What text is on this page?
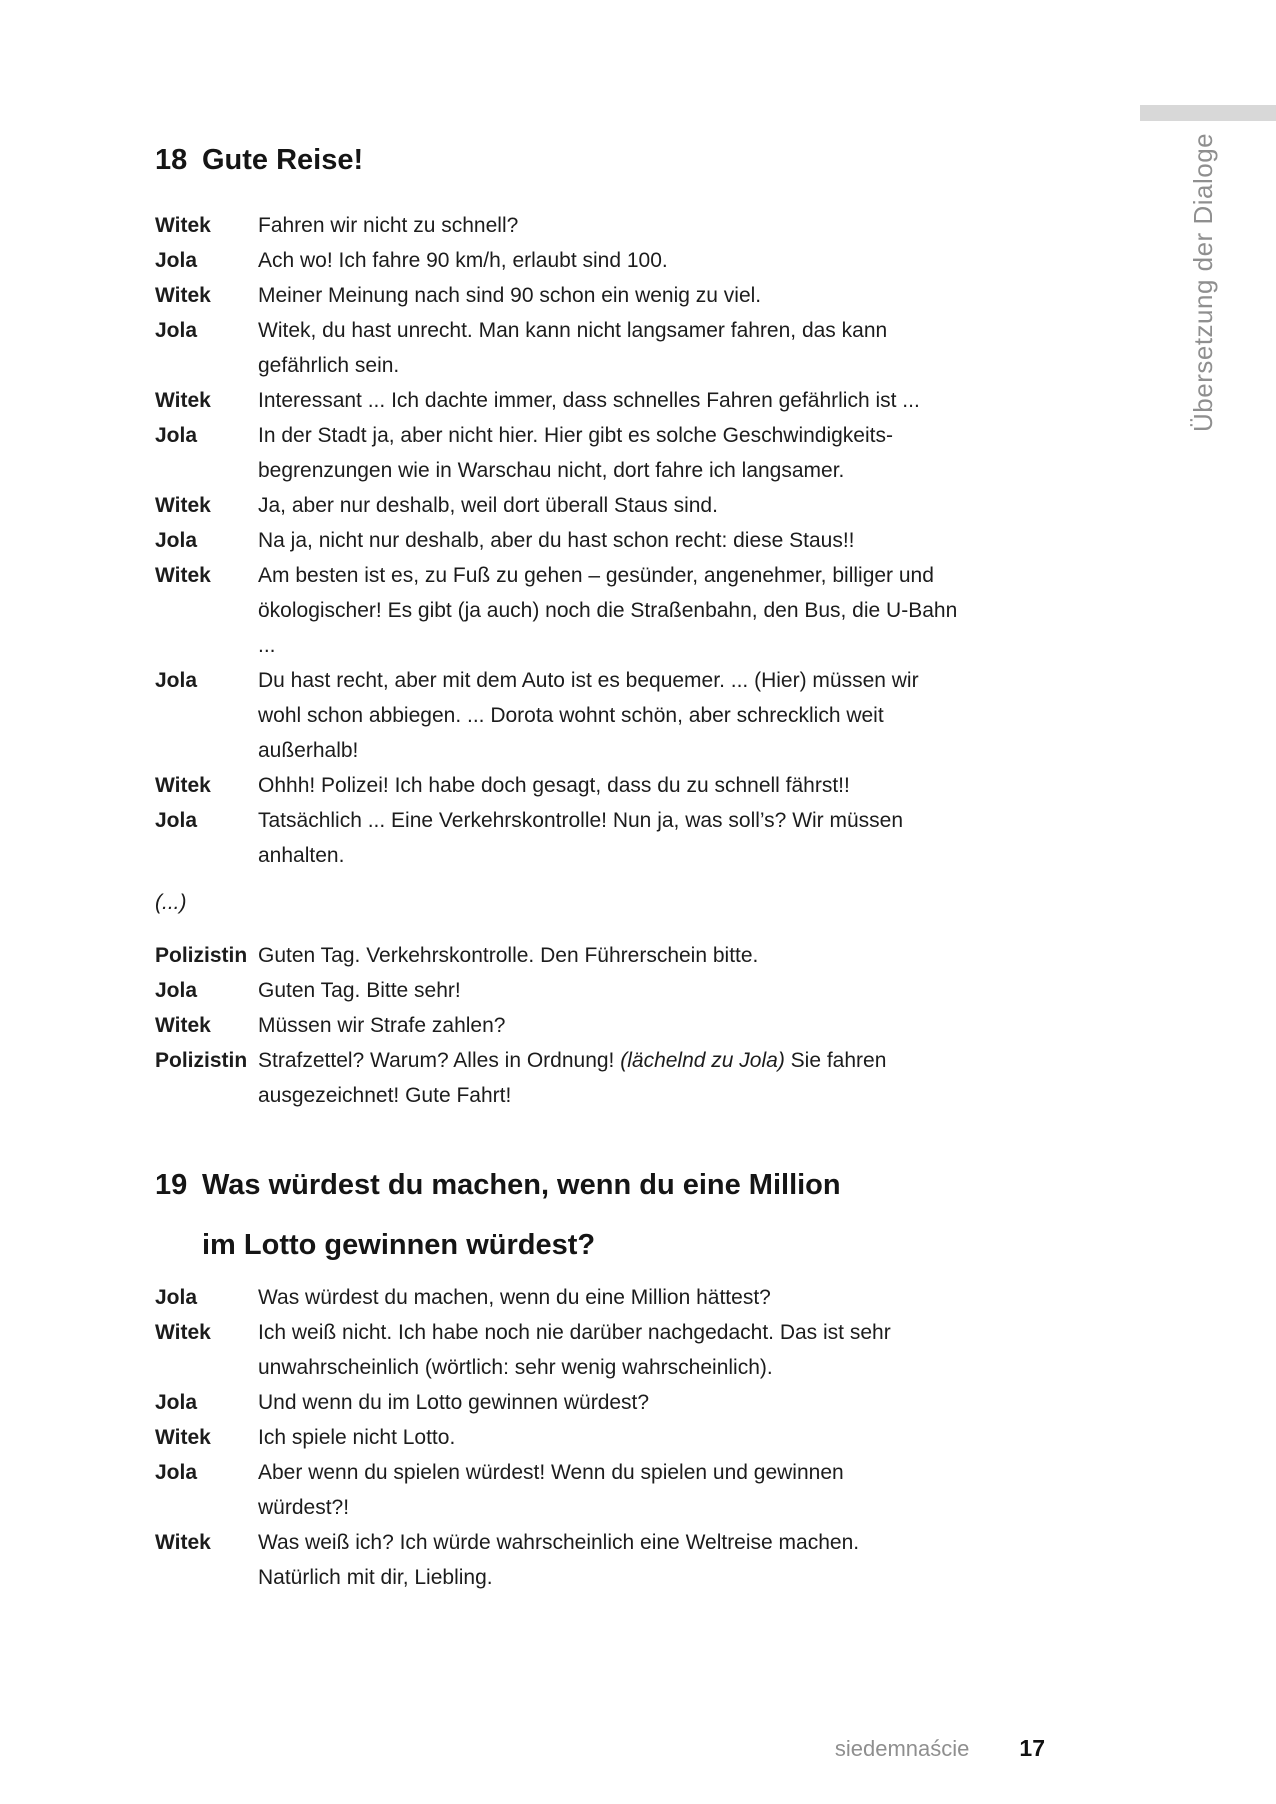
Übersetzung der Dialoge
18 Gute Reise!
Witek	Fahren wir nicht zu schnell?
Jola	Ach wo! Ich fahre 90 km/h, erlaubt sind 100.
Witek	Meiner Meinung nach sind 90 schon ein wenig zu viel.
Jola	Witek, du hast unrecht. Man kann nicht langsamer fahren, das kann
gefährlich sein.
Witek	Interessant ... Ich dachte immer, dass schnelles Fahren gefährlich ist ...
Jola	In der Stadt ja, aber nicht hier. Hier gibt es solche Geschwindigkeits-
begrenzungen wie in Warschau nicht, dort fahre ich langsamer.
Witek	Ja, aber nur deshalb, weil dort überall Staus sind.
Jola	Na ja, nicht nur deshalb, aber du hast schon recht: diese Staus!!
Witek	Am besten ist es, zu Fuß zu gehen – gesünder, angenehmer, billiger und
ökologischer! Es gibt (ja auch) noch die Straßenbahn, den Bus, die U-Bahn
...
Jola	Du hast recht, aber mit dem Auto ist es bequemer. ... (Hier) müssen wir
wohl schon abbiegen. ... Dorota wohnt schön, aber schrecklich weit
außerhalb!
Witek	Ohhh! Polizei! Ich habe doch gesagt, dass du zu schnell fährst!!
Jola	Tatsächlich ... Eine Verkehrskontrolle! Nun ja, was soll’s? Wir müssen
anhalten.
(...)
Polizistin Guten Tag. Verkehrskontrolle. Den Führerschein bitte.
Jola	Guten Tag. Bitte sehr!
Witek	Müssen wir Strafe zahlen?
Polizistin Strafzettel? Warum? Alles in Ordnung! (lächelnd zu Jola) Sie fahren
ausgezeichnet! Gute Fahrt!
19 Was würdest du machen, wenn du eine Million
im Lotto gewinnen würdest?
Jola	Was würdest du machen, wenn du eine Million hättest?
Witek	Ich weiß nicht. Ich habe noch nie darüber nachgedacht. Das ist sehr
unwahrscheinlich (wörtlich: sehr wenig wahrscheinlich).
Jola	Und wenn du im Lotto gewinnen würdest?
Witek	Ich spiele nicht Lotto.
Jola	Aber wenn du spielen würdest! Wenn du spielen und gewinnen
würdest?!
Witek	Was weiß ich? Ich würde wahrscheinlich eine Weltreise machen.
Natürlich mit dir, Liebling.
siedemnaście 17
